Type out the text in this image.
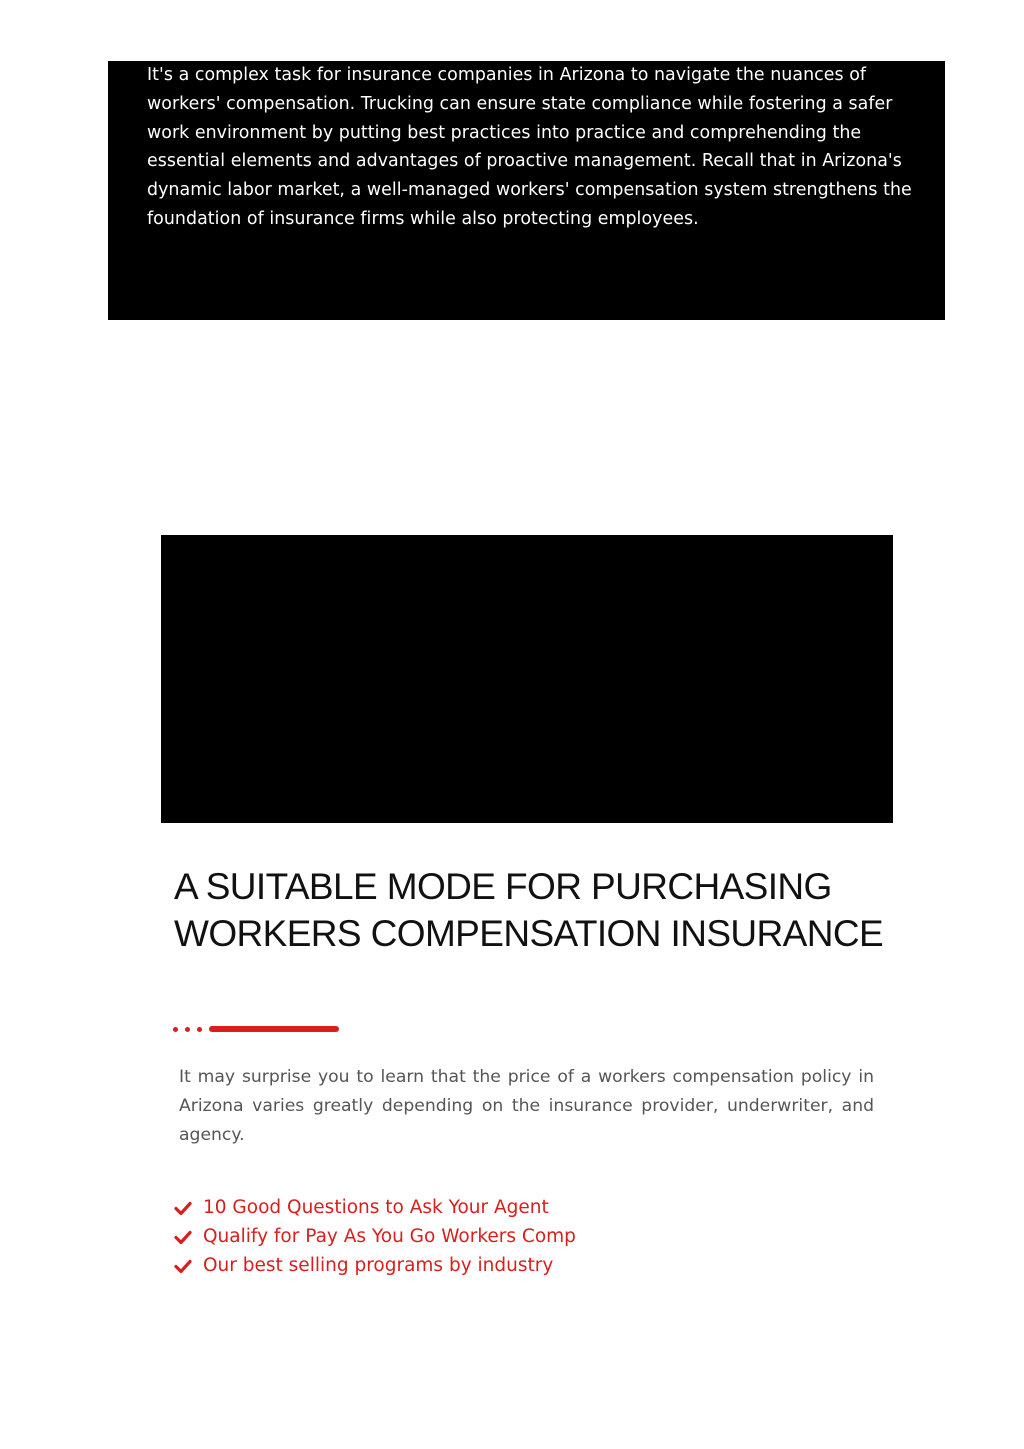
It's a complex task for insurance companies in Arizona to navigate the nuances of workers' compensation. Trucking can ensure state compliance while fostering a safer work environment by putting best practices into practice and comprehending the essential elements and advantages of proactive management. Recall that in Arizona's dynamic labor market, a well-managed workers' compensation system strengthens the foundation of insurance firms while also protecting employees.

A SUITABLE MODE FOR PURCHASING WORKERS COMPENSATION INSURANCE

It may surprise you to learn that the price of a workers compensation policy in Arizona varies greatly depending on the insurance provider, underwriter, and agency.

10 Good Questions to Ask Your Agent
Qualify for Pay As You Go Workers Comp
Our best selling programs by industry
